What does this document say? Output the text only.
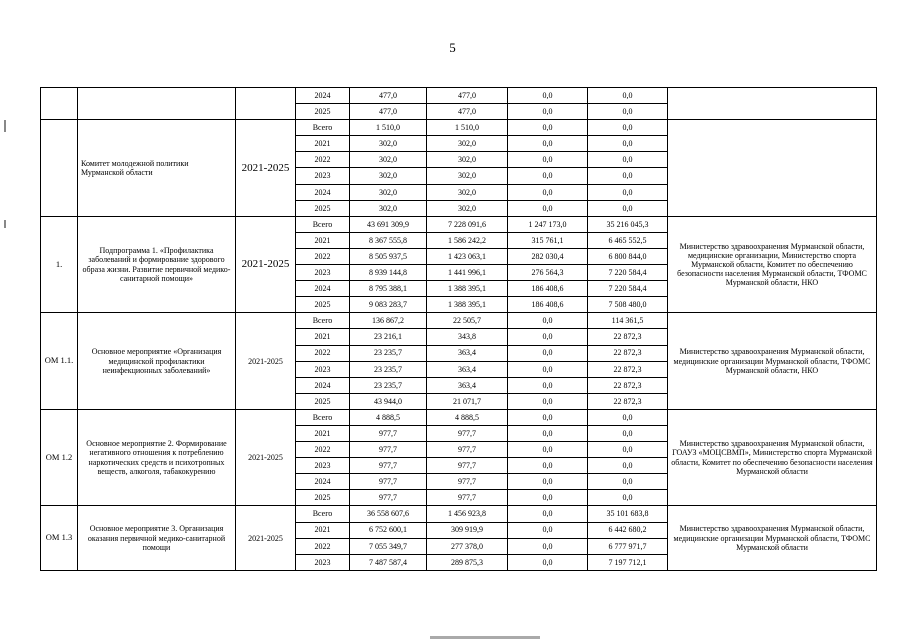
5
			2024	477,0	477,0	0,0	0,0	
			2025	477,0	477,0	0,0	0,0	
	Комитет молодежной политики Мурманской области	2021-2025	Всего	1 510,0	1 510,0	0,0	0,0	
			2021	302,0	302,0	0,0	0,0	
			2022	302,0	302,0	0,0	0,0	
			2023	302,0	302,0	0,0	0,0	
			2024	302,0	302,0	0,0	0,0	
			2025	302,0	302,0	0,0	0,0	
1.	Подпрограмма 1. «Профилактика заболеваний и формирование здорового образа жизни. Развитие первичной медико-санитарной помощи»	2021-2025	Всего	43 691 309,9	7 228 091,6	1 247 173,0	35 216 045,3	Министерство здравоохранения Мурманской области, медицинские организации, Министерство спорта Мурманской области, Комитет по обеспечению безопасности населения Мурманской области, ТФОМС Мурманской области, НКО
			2021	8 367 555,8	1 586 242,2	315 761,1	6 465 552,5	
			2022	8 505 937,5	1 423 063,1	282 030,4	6 800 844,0	
			2023	8 939 144,8	1 441 996,1	276 564,3	7 220 584,4	
			2024	8 795 388,1	1 388 395,1	186 408,6	7 220 584,4	
			2025	9 083 283,7	1 388 395,1	186 408,6	7 508 480,0	
ОМ 1.1.	Основное мероприятие «Организация медицинской профилактики неинфекционных заболеваний»	2021-2025	Всего	136 867,2	22 505,7	0,0	114 361,5	Министерство здравоохранения Мурманской области, медицинские организации Мурманской области, ТФОМС Мурманской области, НКО
			2021	23 216,1	343,8	0,0	22 872,3	
			2022	23 235,7	363,4	0,0	22 872,3	
			2023	23 235,7	363,4	0,0	22 872,3	
			2024	23 235,7	363,4	0,0	22 872,3	
			2025	43 944,0	21 071,7	0,0	22 872,3	
ОМ 1.2	Основное мероприятие 2. Формирование негативного отношения к потреблению наркотических средств и психотропных веществ, алкоголя, табакокурению	2021-2025	Всего	4 888,5	4 888,5	0,0	0,0	Министерство здравоохранения Мурманской области, ГОАУЗ «МОЦСВМП», Министерство спорта Мурманской области, Комитет по обеспечению безопасности населения Мурманской области
			2021	977,7	977,7	0,0	0,0	
			2022	977,7	977,7	0,0	0,0	
			2023	977,7	977,7	0,0	0,0	
			2024	977,7	977,7	0,0	0,0	
			2025	977,7	977,7	0,0	0,0	
ОМ 1.3	Основное мероприятие 3. Организация оказания первичной медико-санитарной помощи	2021-2025	Всего	36 558 607,6	1 456 923,8	0,0	35 101 683,8	Министерство здравоохранения Мурманской области, медицинские организации Мурманской области, ТФОМС Мурманской области
			2021	6 752 600,1	309 919,9	0,0	6 442 680,2	
			2022	7 055 349,7	277 378,0	0,0	6 777 971,7	
			2023	7 487 587,4	289 875,3	0,0	7 197 712,1	
